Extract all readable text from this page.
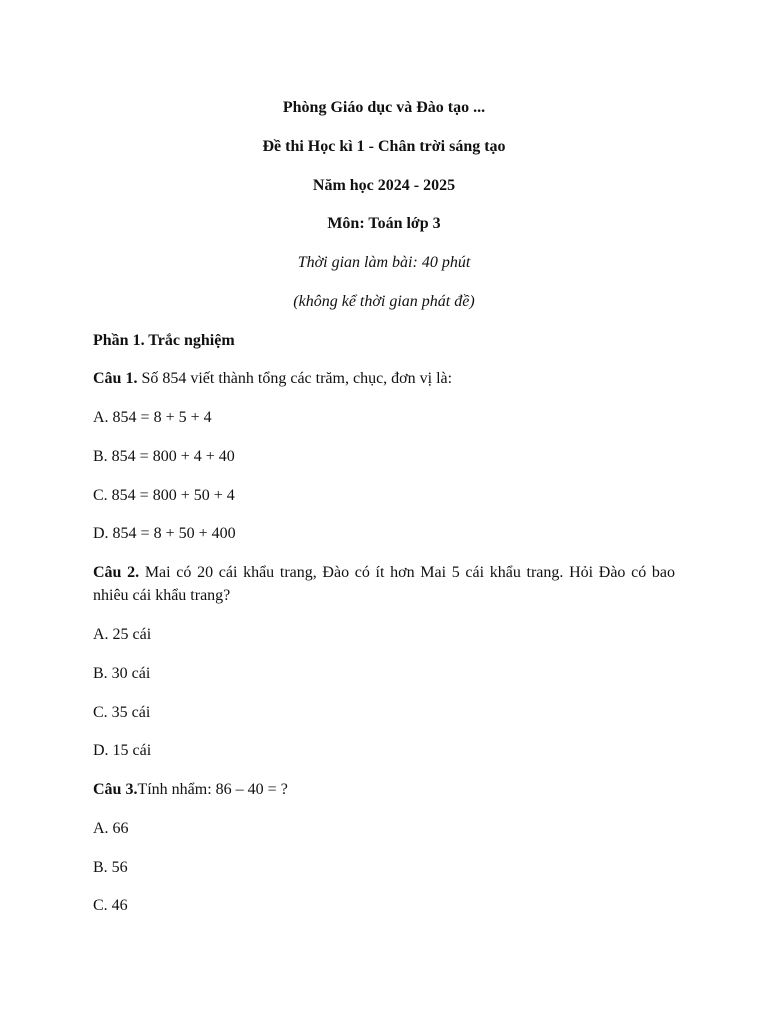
Phòng Giáo dục và Đào tạo ...
Đề thi Học kì 1 - Chân trời sáng tạo
Năm học 2024 - 2025
Môn: Toán lớp 3
Thời gian làm bài: 40 phút
(không kể thời gian phát đề)
Phần 1. Trắc nghiệm
Câu 1. Số 854 viết thành tổng các trăm, chục, đơn vị là:
A. 854 = 8 + 5 + 4
B. 854 = 800 + 4 + 40
C. 854 = 800 + 50 + 4
D. 854 = 8 + 50 + 400
Câu 2. Mai có 20 cái khẩu trang, Đào có ít hơn Mai 5 cái khẩu trang. Hỏi Đào có bao nhiêu cái khẩu trang?
A. 25 cái
B. 30 cái
C. 35 cái
D. 15 cái
Câu 3.Tính nhẩm: 86 – 40 = ?
A. 66
B. 56
C. 46
